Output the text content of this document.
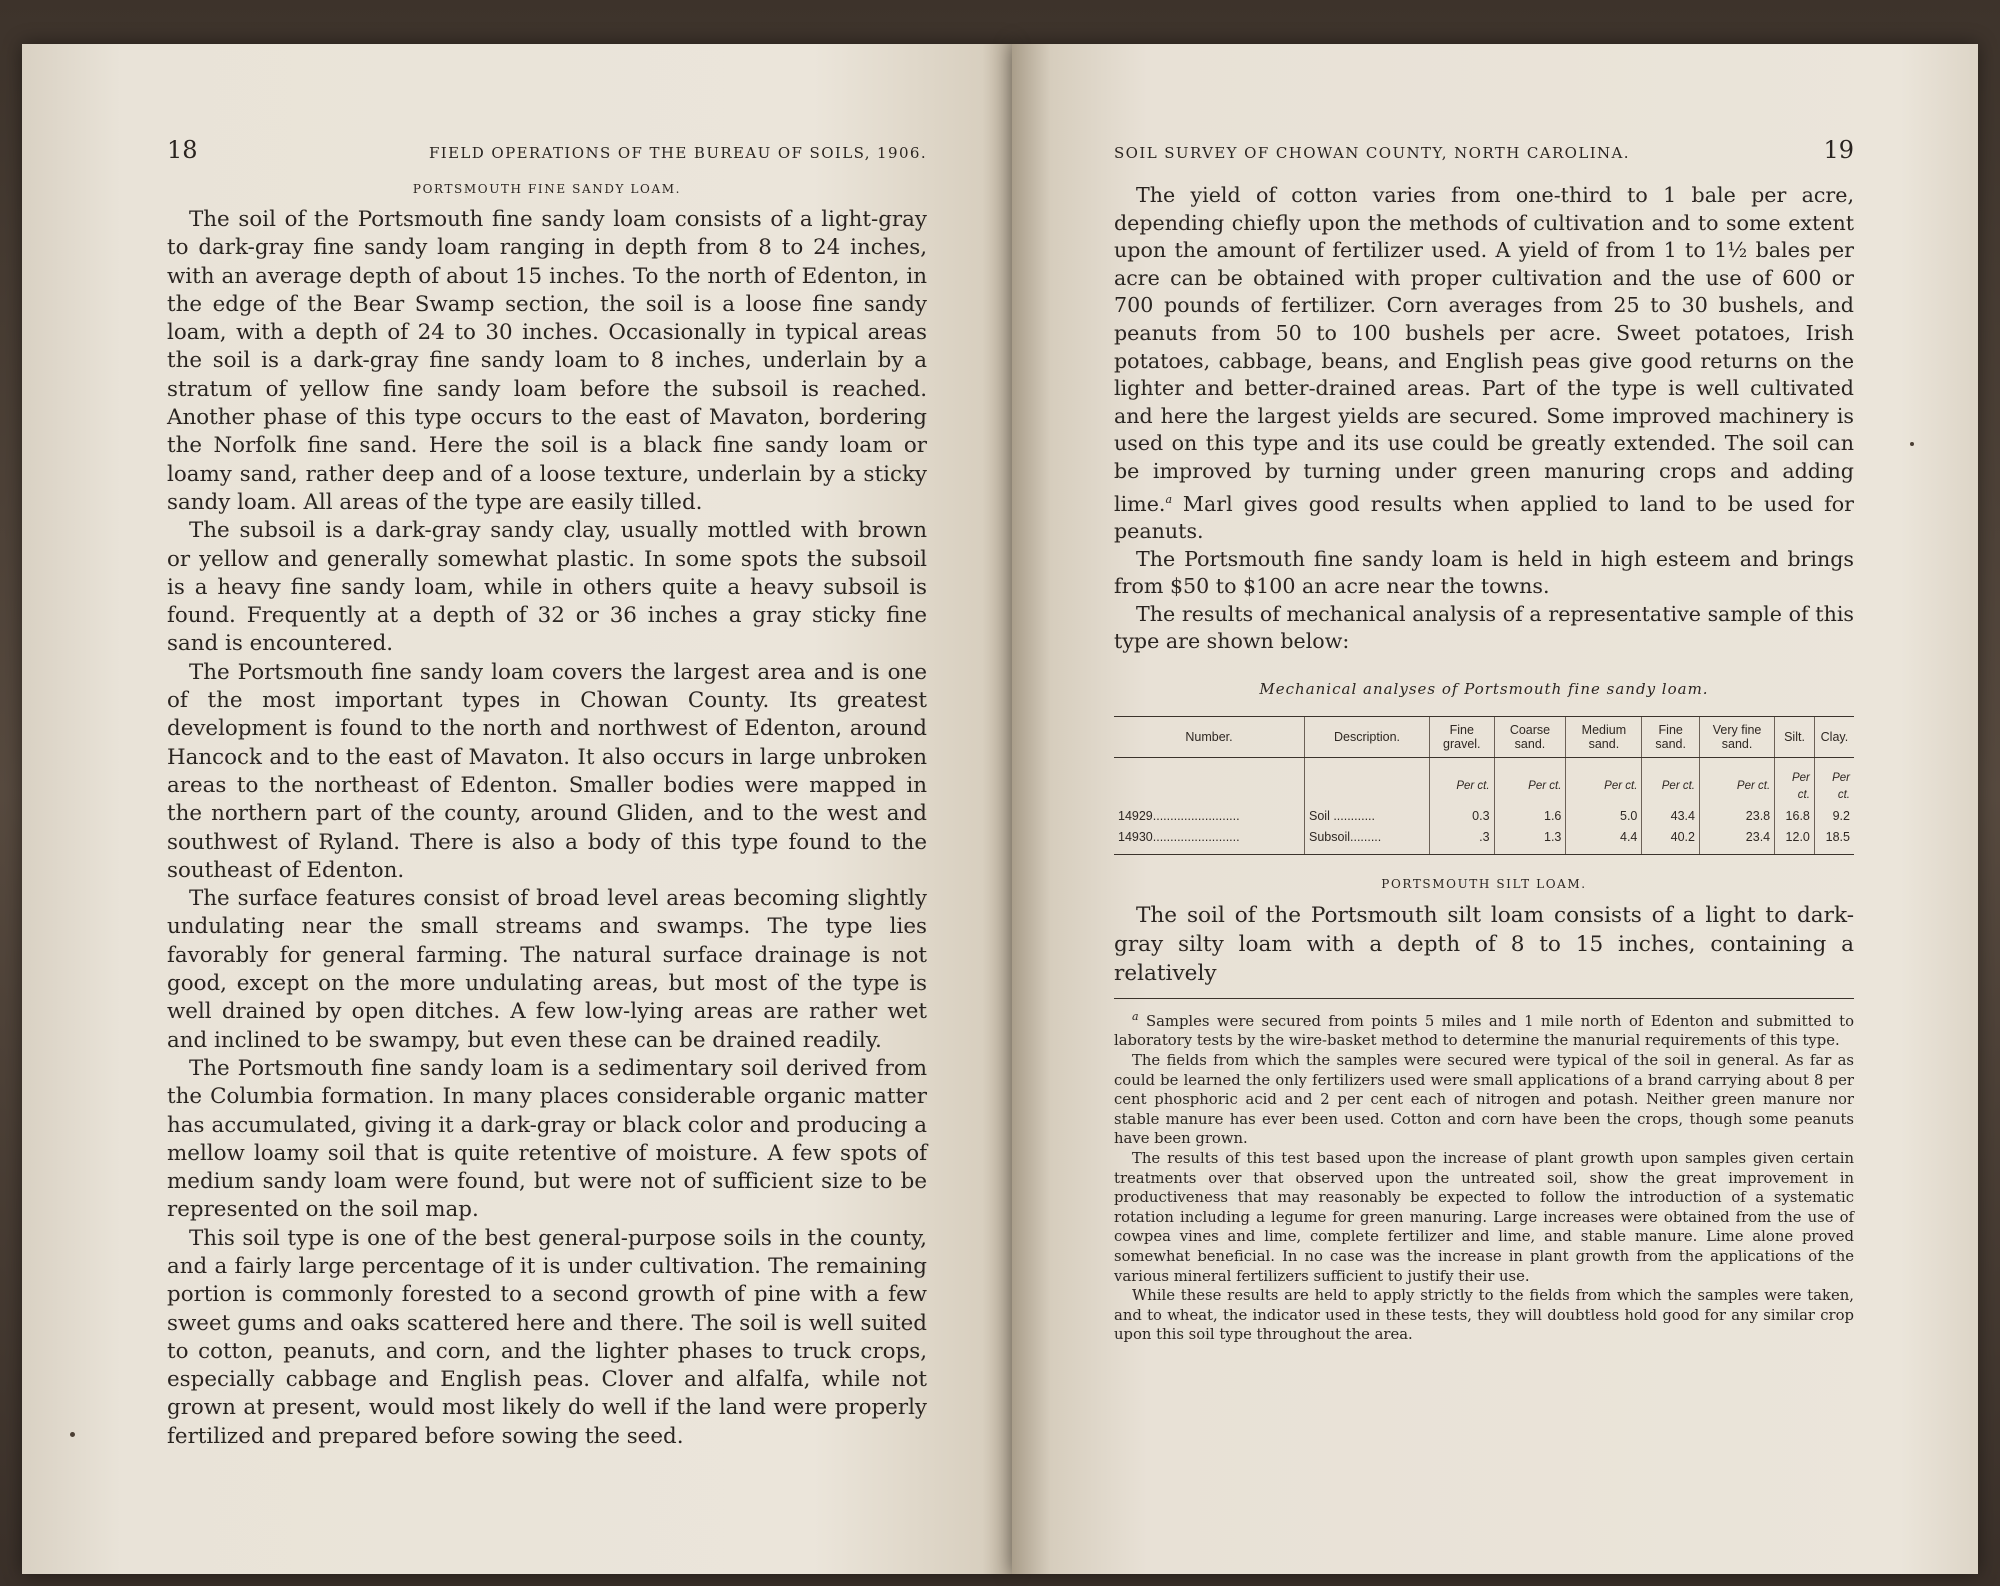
18	FIELD OPERATIONS OF THE BUREAU OF SOILS, 1906.
PORTSMOUTH FINE SANDY LOAM.

The soil of the Portsmouth fine sandy loam consists of a light-gray to dark-gray fine sandy loam ranging in depth from 8 to 24 inches, with an average depth of about 15 inches. To the north of Edenton, in the edge of the Bear Swamp section, the soil is a loose fine sandy loam, with a depth of 24 to 30 inches. Occasionally in typical areas the soil is a dark-gray fine sandy loam to 8 inches, underlain by a stratum of yellow fine sandy loam before the subsoil is reached. Another phase of this type occurs to the east of Mavaton, bordering the Norfolk fine sand. Here the soil is a black fine sandy loam or loamy sand, rather deep and of a loose texture, underlain by a sticky sandy loam. All areas of the type are easily tilled.

The subsoil is a dark-gray sandy clay, usually mottled with brown or yellow and generally somewhat plastic. In some spots the subsoil is a heavy fine sandy loam, while in others quite a heavy subsoil is found. Frequently at a depth of 32 or 36 inches a gray sticky fine sand is encountered.

The Portsmouth fine sandy loam covers the largest area and is one of the most important types in Chowan County. Its greatest development is found to the north and northwest of Edenton, around Hancock and to the east of Mavaton. It also occurs in large unbroken areas to the northeast of Edenton. Smaller bodies were mapped in the northern part of the county, around Gliden, and to the west and southwest of Ryland. There is also a body of this type found to the southeast of Edenton.

The surface features consist of broad level areas becoming slightly undulating near the small streams and swamps. The type lies favorably for general farming. The natural surface drainage is not good, except on the more undulating areas, but most of the type is well drained by open ditches. A few low-lying areas are rather wet and inclined to be swampy, but even these can be drained readily.

The Portsmouth fine sandy loam is a sedimentary soil derived from the Columbia formation. In many places considerable organic matter has accumulated, giving it a dark-gray or black color and producing a mellow loamy soil that is quite retentive of moisture. A few spots of medium sandy loam were found, but were not of sufficient size to be represented on the soil map.

This soil type is one of the best general-purpose soils in the county, and a fairly large percentage of it is under cultivation. The remaining portion is commonly forested to a second growth of pine with a few sweet gums and oaks scattered here and there. The soil is well suited to cotton, peanuts, and corn, and the lighter phases to truck crops, especially cabbage and English peas. Clover and alfalfa, while not grown at present, would most likely do well if the land were properly fertilized and prepared before sowing the seed.

SOIL SURVEY OF CHOWAN COUNTY, NORTH CAROLINA.	19

The yield of cotton varies from one-third to 1 bale per acre, depending chiefly upon the methods of cultivation and to some extent upon the amount of fertilizer used. A yield of from 1 to 1½ bales per acre can be obtained with proper cultivation and the use of 600 or 700 pounds of fertilizer. Corn averages from 25 to 30 bushels, and peanuts from 50 to 100 bushels per acre. Sweet potatoes, Irish potatoes, cabbage, beans, and English peas give good returns on the lighter and better-drained areas. Part of the type is well cultivated and here the largest yields are secured. Some improved machinery is used on this type and its use could be greatly extended. The soil can be improved by turning under green manuring crops and adding lime.$^a$ Marl gives good results when applied to land to be used for peanuts.

The Portsmouth fine sandy loam is held in high esteem and brings from $50 to $100 an acre near the towns.

The results of mechanical analysis of a representative sample of this type are shown below:

Mechanical analyses of Portsmouth fine sandy loam.
Number.	Description.	Fine gravel.	Coarse sand.	Medium sand.	Fine sand.	Very fine sand.	Silt.	Clay.
		Per ct.	Per ct.	Per ct.	Per ct.	Per ct.	Per ct.	Per ct.
14929.........................	Soil ............	0.3	1.6	5.0	43.4	23.8	16.8	9.2
14930.........................	Subsoil.........	.3	1.3	4.4	40.2	23.4	12.0	18.5
PORTSMOUTH SILT LOAM.

The soil of the Portsmouth silt loam consists of a light to dark-gray silty loam with a depth of 8 to 15 inches, containing a relatively

$^a$ Samples were secured from points 5 miles and 1 mile north of Edenton and submitted to laboratory tests by the wire-basket method to determine the manurial requirements of this type.

The fields from which the samples were secured were typical of the soil in general. As far as could be learned the only fertilizers used were small applications of a brand carrying about 8 per cent phosphoric acid and 2 per cent each of nitrogen and potash. Neither green manure nor stable manure has ever been used. Cotton and corn have been the crops, though some peanuts have been grown.

The results of this test based upon the increase of plant growth upon samples given certain treatments over that observed upon the untreated soil, show the great improvement in productiveness that may reasonably be expected to follow the introduction of a systematic rotation including a legume for green manuring. Large increases were obtained from the use of cowpea vines and lime, complete fertilizer and lime, and stable manure. Lime alone proved somewhat beneficial. In no case was the increase in plant growth from the applications of the various mineral fertilizers sufficient to justify their use.

While these results are held to apply strictly to the fields from which the samples were taken, and to wheat, the indicator used in these tests, they will doubtless hold good for any similar crop upon this soil type throughout the area.
